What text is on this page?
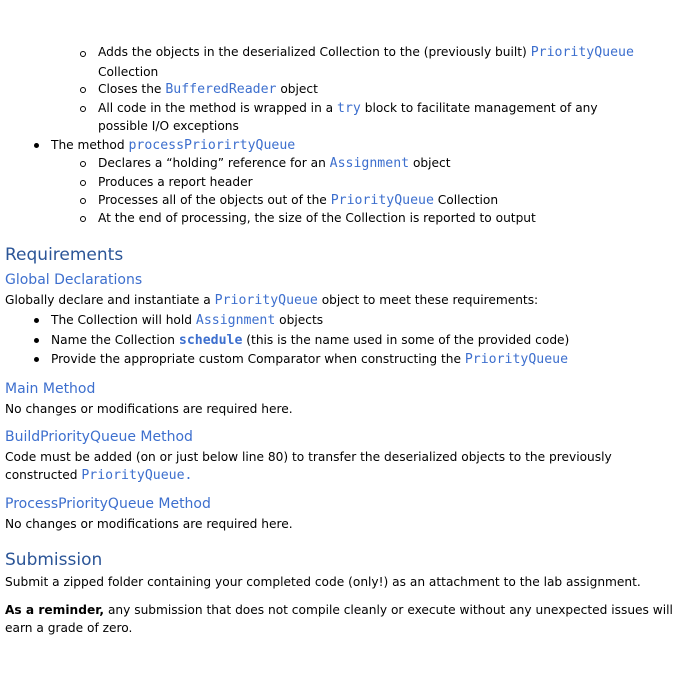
Adds the objects in the deserialized Collection to the (previously built) PriorityQueue
Collection
Closes the BufferedReader object
All code in the method is wrapped in a try block to facilitate management of any
possible I/O exceptions
The method processPriorirtyQueue
Declares a “holding” reference for an Assignment object
Produces a report header
Processes all of the objects out of the PriorityQueue Collection
At the end of processing, the size of the Collection is reported to output
Requirements
Global Declarations
Globally declare and instantiate a PriorityQueue object to meet these requirements:
The Collection will hold Assignment objects
Name the Collection schedule (this is the name used in some of the provided code)
Provide the appropriate custom Comparator when constructing the PriorityQueue
Main Method
No changes or modifications are required here.
BuildPriorityQueue Method
Code must be added (on or just below line 80) to transfer the deserialized objects to the previously
constructed PriorityQueue.
ProcessPriorityQueue Method
No changes or modifications are required here.
Submission
Submit a zipped folder containing your completed code (only!) as an attachment to the lab assignment.
As a reminder, any submission that does not compile cleanly or execute without any unexpected issues will
earn a grade of zero.
